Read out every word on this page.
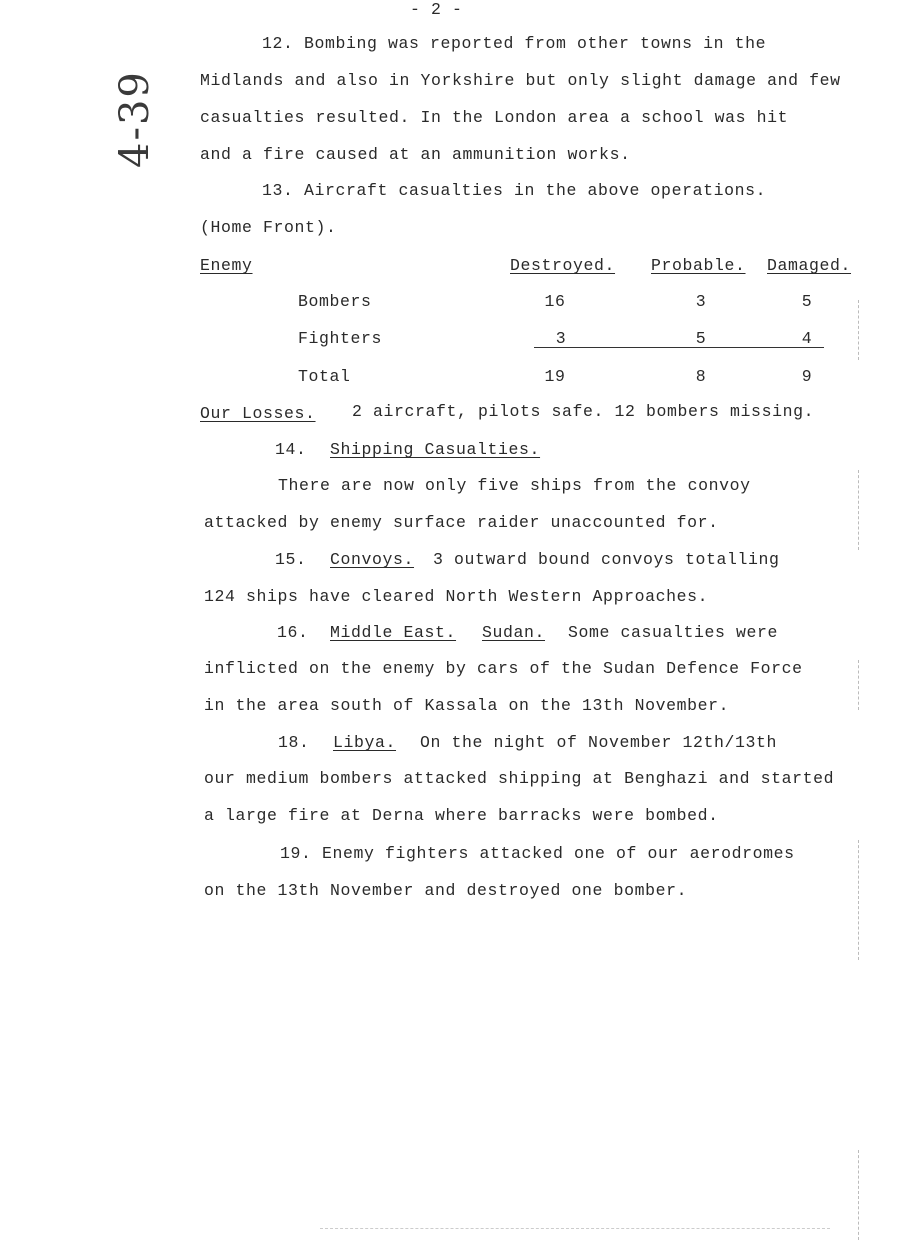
- 2 -
4-39
12. Bombing was reported from other towns in the
Midlands and also in Yorkshire but only slight damage and few
casualties resulted. In the London area a school was hit
and a fire caused at an ammunition works.
13. Aircraft casualties in the above operations.
(Home Front).
Enemy	Destroyed. Probable. Damaged.
Bombers	16	3	5
Fighters	3	5	4
Total	19	8	9
Our Losses. 2 aircraft, pilots safe. 12 bombers missing.
14. Shipping Casualties.
There are now only five ships from the convoy
attacked by enemy surface raider unaccounted for.
15. Convoys. 3 outward bound convoys totalling
124 ships have cleared North Western Approaches.
16. Middle East. Sudan. Some casualties were
inflicted on the enemy by cars of the Sudan Defence Force
in the area south of Kassala on the 13th November.
18. Libya. On the night of November 12th/13th
our medium bombers attacked shipping at Benghazi and started
a large fire at Derna where barracks were bombed.
19. Enemy fighters attacked one of our aerodromes
on the 13th November and destroyed one bomber.
